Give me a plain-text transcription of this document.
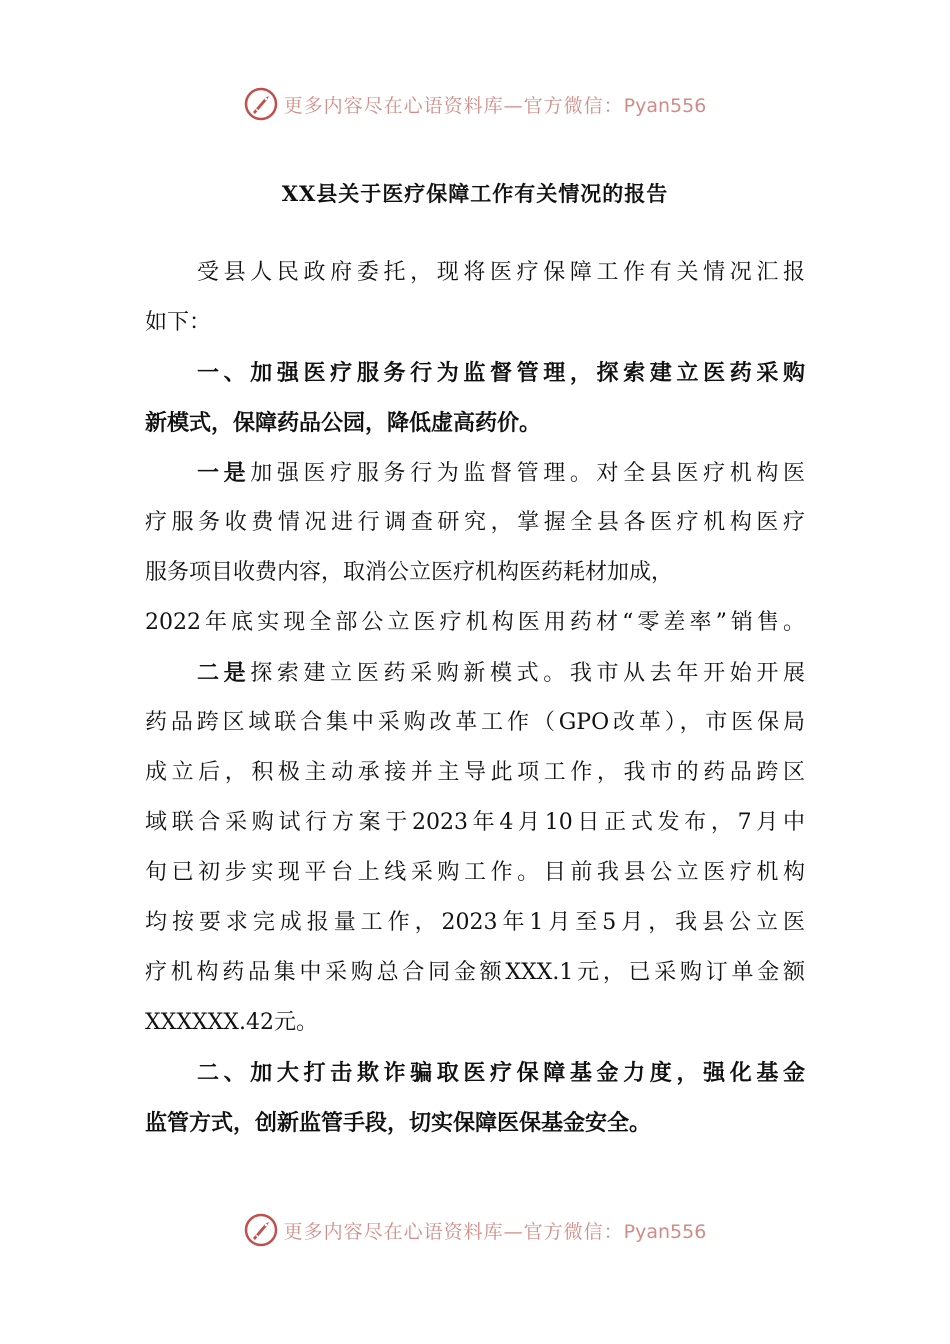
更多内容尽在心语资料库—官方微信：Pyan556
XX县关于医疗保障工作有关情况的报告
受县人民政府委托，现将医疗保障工作有关情况汇报
如下：
一、加强医疗服务行为监督管理，探索建立医药采购
新模式，保障药品公园，降低虚高药价。
一是加强医疗服务行为监督管理。对全县医疗机构医
疗服务收费情况进行调查研究，掌握全县各医疗机构医疗
服务项目收费内容，取消公立医疗机构医药耗材加成，
2022年底实现全部公立医疗机构医用药材“零差率”销售。
二是探索建立医药采购新模式。我市从去年开始开展
药品跨区域联合集中采购改革工作（GPO改革），市医保局
成立后，积极主动承接并主导此项工作，我市的药品跨区
域联合采购试行方案于2023年4月10日正式发布，7月中
旬已初步实现平台上线采购工作。目前我县公立医疗机构
均按要求完成报量工作，2023年1月至5月，我县公立医
疗机构药品集中采购总合同金额XXX.1元，已采购订单金额
XXXXXX.42元。
二、加大打击欺诈骗取医疗保障基金力度，强化基金
监管方式，创新监管手段，切实保障医保基金安全。
更多内容尽在心语资料库—官方微信：Pyan556
